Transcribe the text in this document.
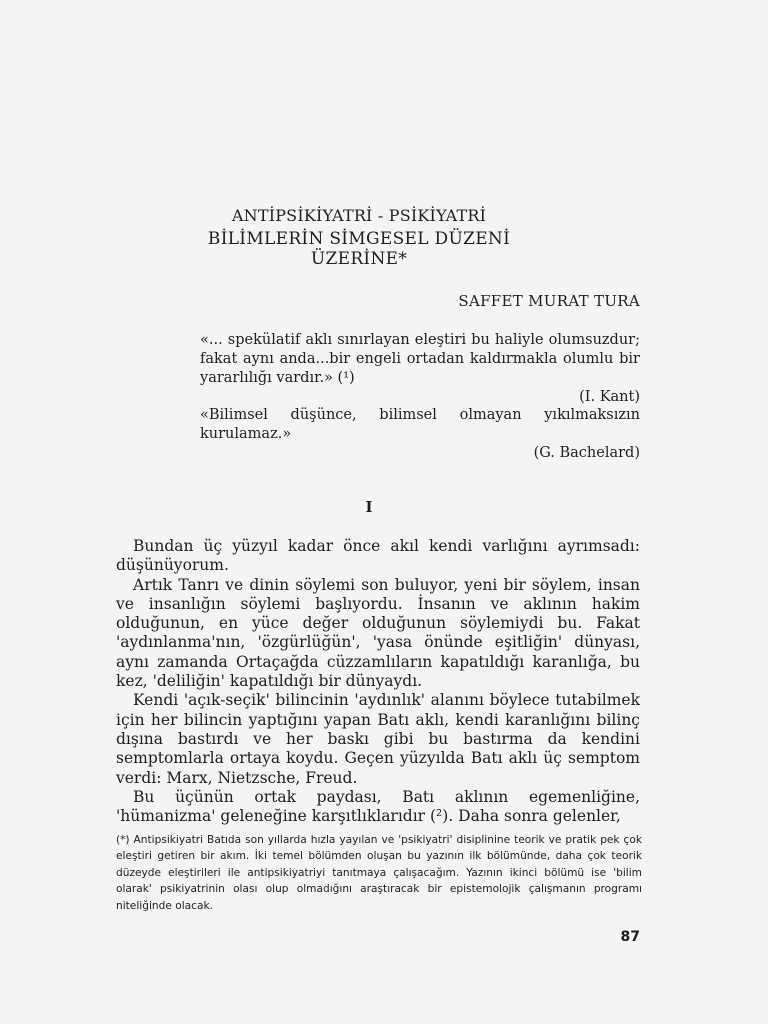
ANTİPSİKİYATRİ - PSİKİYATRİ
BİLİMLERİN SİMGESEL DÜZENİ ÜZERİNE*

SAFFET MURAT TURA

«... spekülatif aklı sınırlayan eleştiri bu haliyle olumsuzdur; fakat aynı anda...bir engeli ortadan kaldırmakla olumlu bir yararlılığı vardır.» (¹)

(I. Kant)

«Bilimsel düşünce, bilimsel olmayan yıkılmaksızın kurulamaz.»

(G. Bachelard)

I

Bundan üç yüzyıl kadar önce akıl kendi varlığını ayrımsadı: düşünüyorum.

Artık Tanrı ve dinin söylemi son buluyor, yeni bir söylem, insan ve insanlığın söylemi başlıyordu. İnsanın ve aklının hakim olduğunun, en yüce değer olduğunun söylemiydi bu. Fakat 'aydınlanma'nın, 'özgürlüğün', 'yasa önünde eşitliğin' dünyası, aynı zamanda Ortaçağda cüzzamlıların kapatıldığı karanlığa, bu kez, 'deliliğin' kapatıldığı bir dünyaydı.

Kendi 'açık-seçik' bilincinin 'aydınlık' alanını böylece tutabilmek için her bilincin yaptığını yapan Batı aklı, kendi karanlığını bilinç dışına bastırdı ve her baskı gibi bu bastırma da kendini semptomlarla ortaya koydu. Geçen yüzyılda Batı aklı üç semptom verdi: Marx, Nietzsche, Freud.

Bu üçünün ortak paydası, Batı aklının egemenliğine, 'hümanizma' geleneğine karşıtlıklarıdır (²). Daha sonra gelenler,

(*) Antipsikiyatri Batıda son yıllarda hızla yayılan ve 'psikiyatri' disiplinine teorik ve pratik pek çok eleştiri getiren bir akım. İki temel bölümden oluşan bu yazının ilk bölümünde, daha çok teorik düzeyde eleştirileri ile antipsikiyatriyi tanıtmaya çalışacağım. Yazının ikinci bölümü ise 'bilim olarak' psikiyatrinin olası olup olmadığını araştıracak bir epistemolojik çalışmanın programı niteliğinde olacak.

87
